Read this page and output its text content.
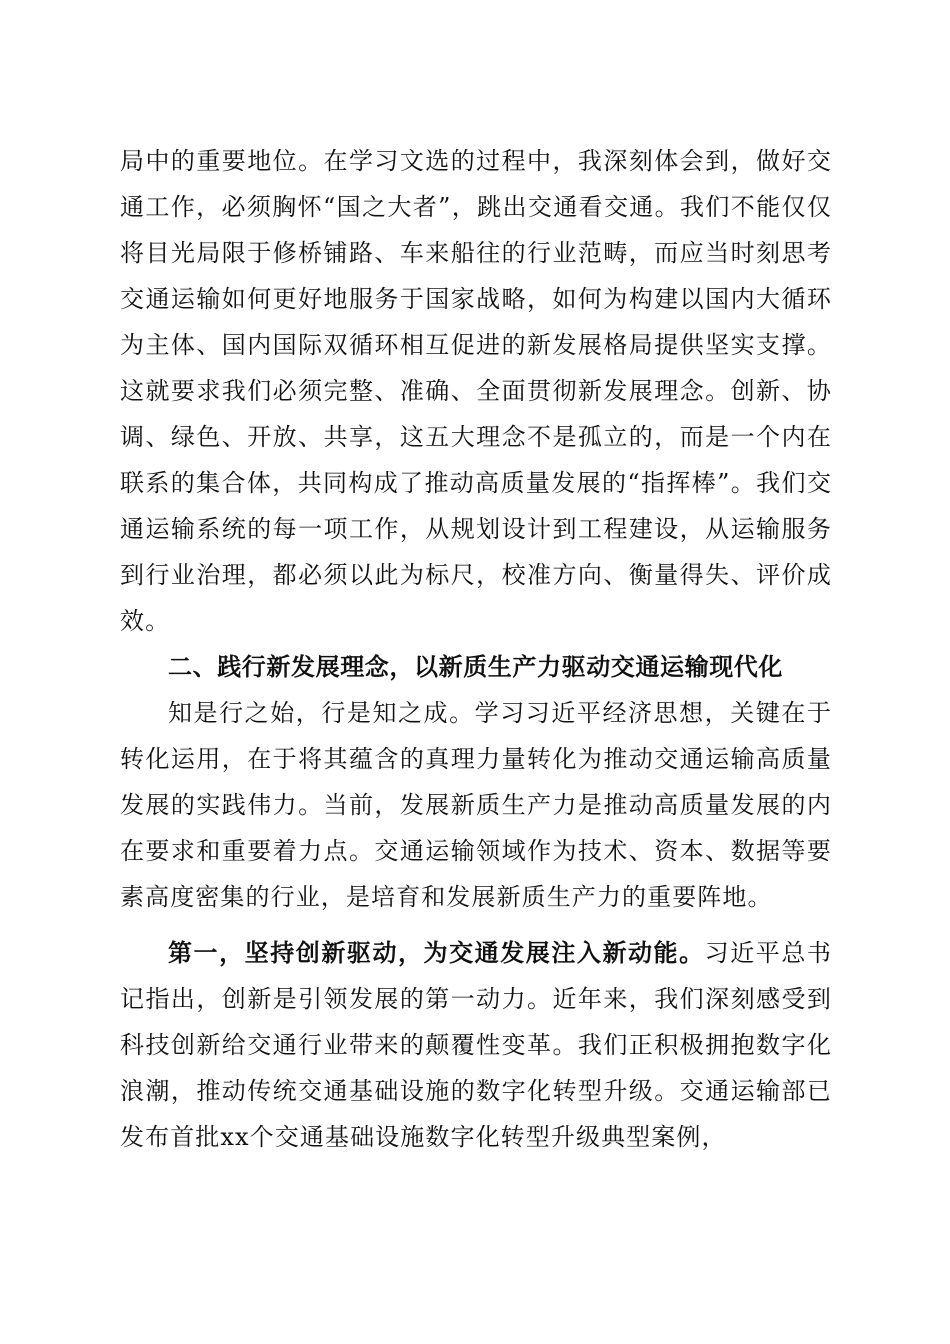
局中的重要地位。在学习文选的过程中，我深刻体会到，做好交通工作，必须胸怀“国之大者”，跳出交通看交通。我们不能仅仅将目光局限于修桥铺路、车来船往的行业范畴，而应当时刻思考交通运输如何更好地服务于国家战略，如何为构建以国内大循环为主体、国内国际双循环相互促进的新发展格局提供坚实支撑。这就要求我们必须完整、准确、全面贯彻新发展理念。创新、协调、绿色、开放、共享，这五大理念不是孤立的，而是一个内在联系的集合体，共同构成了推动高质量发展的“指挥棒”。我们交通运输系统的每一项工作，从规划设计到工程建设，从运输服务到行业治理，都必须以此为标尺，校准方向、衡量得失、评价成效。

二、践行新发展理念，以新质生产力驱动交通运输现代化

知是行之始，行是知之成。学习习近平经济思想，关键在于转化运用，在于将其蕴含的真理力量转化为推动交通运输高质量发展的实践伟力。当前，发展新质生产力是推动高质量发展的内在要求和重要着力点。交通运输领域作为技术、资本、数据等要素高度密集的行业，是培育和发展新质生产力的重要阵地。

第一，坚持创新驱动，为交通发展注入新动能。习近平总书记指出，创新是引领发展的第一动力。近年来，我们深刻感受到科技创新给交通行业带来的颠覆性变革。我们正积极拥抱数字化浪潮，推动传统交通基础设施的数字化转型升级。交通运输部已发布首批xx个交通基础设施数字化转型升级典型案例，
